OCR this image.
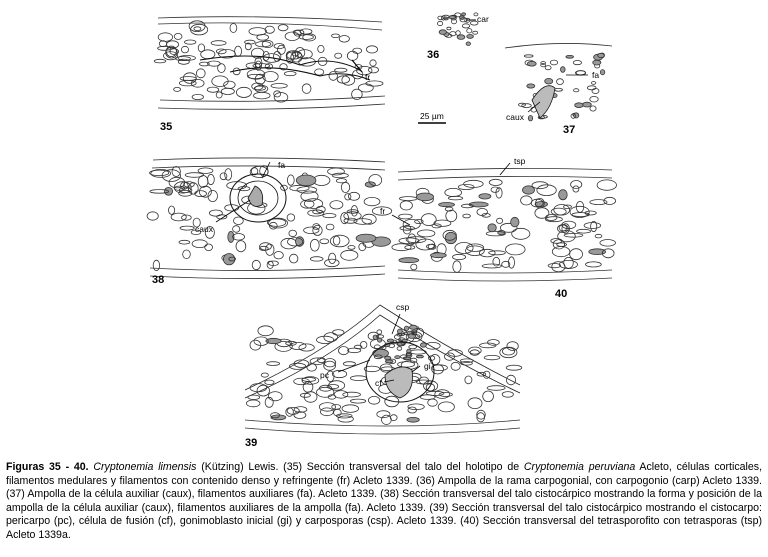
35
fr
36
car
25 µm
fa
caux
37
fa
caux
38
tsp
fr
40
csp
pc
gi
cf
39
Figuras 35 - 40. Cryptonemia limensis (Kützing) Lewis. (35) Sección transversal del talo del holotipo de Cryptonemia peruviana Acleto, células corticales, filamentos medulares y filamentos con contenido denso y refringente (fr) Acleto 1339. (36) Ampolla de la rama carpogonial, con carpogonio (carp) Acleto 1339. (37) Ampolla de la célula auxiliar (caux), filamentos auxiliares (fa). Acleto 1339. (38) Sección transversal del talo cistocárpico mostrando la forma y posición de la ampolla de la célula auxiliar (caux), filamentos auxiliares de la ampolla (fa). Acleto 1339. (39) Sección transversal del talo cistocárpico mostrando el cistocarpo: pericarpo (pc), célula de fusión (cf), gonimoblasto inicial (gi) y carposporas (csp). Acleto 1339. (40) Sección transversal del tetrasporofito con tetrasporas (tsp) Acleto 1339a.
